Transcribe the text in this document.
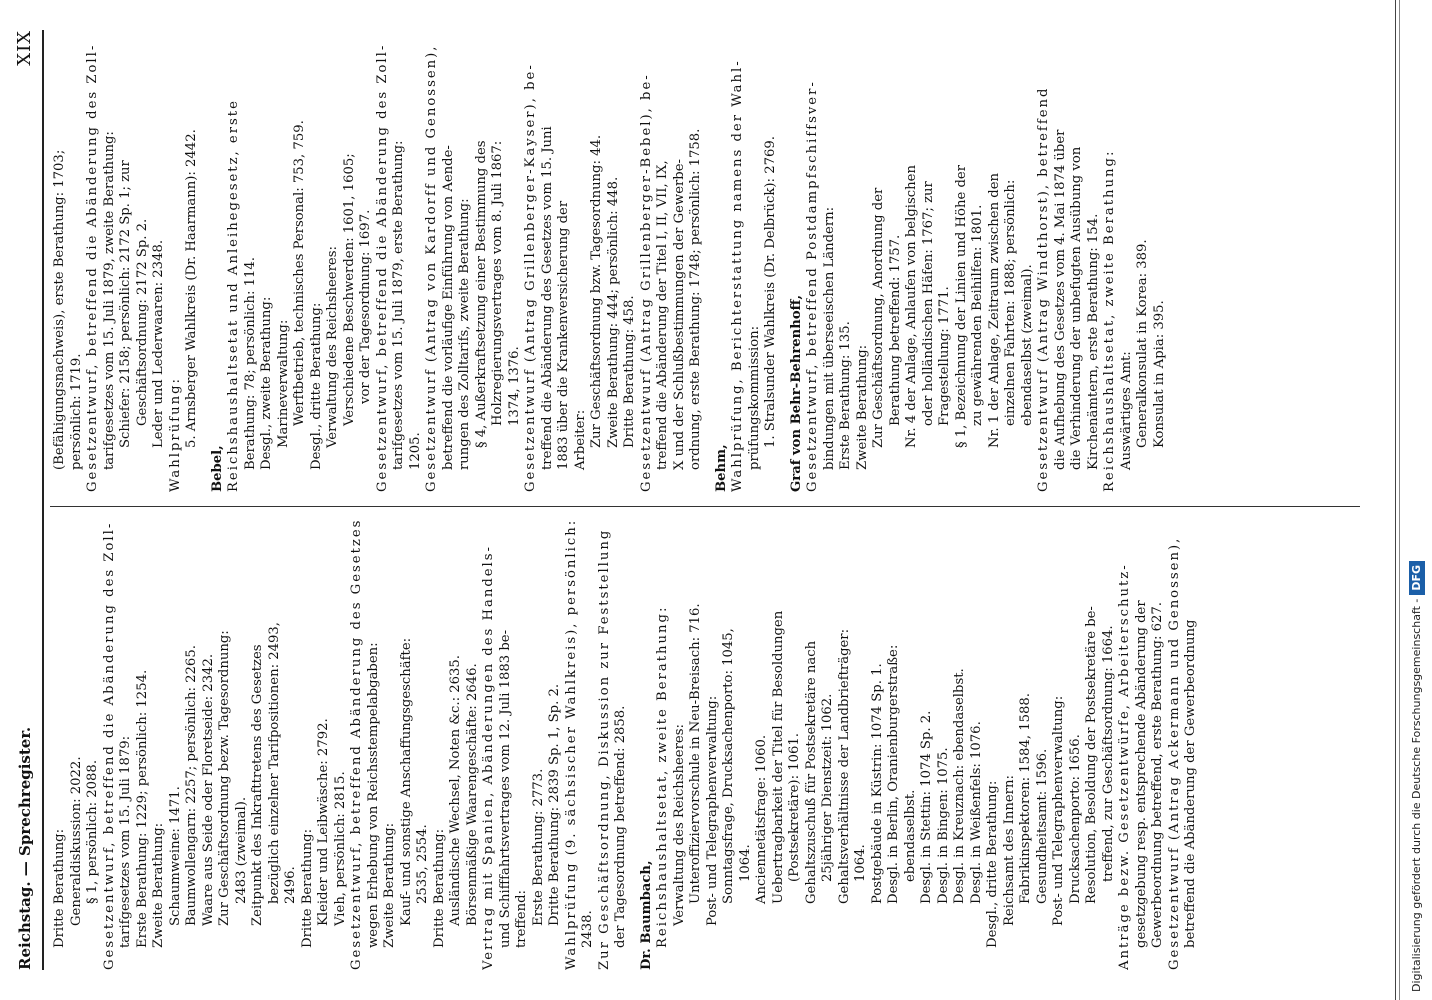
Reichstag. — Sprechregister.
XIX
Dritte Berathung: Generaldiskussion: 2022. § 1, persönlich: 2088. Gesetzentwurf, betreffend die Abänderung des Zoll- tarifgesetzes vom 15. Juli 1879: Erste Berathung: 1229; persönlich: 1254. Zweite Berathung: Schaumweine: 1471. Baumwollengarn: 2257; persönlich: 2265. Waare aus Seide oder Floretseide: 2342. Zur Geschäftsordnung bezw. Tagesordnung: 2483 (zweimal). Zeitpunkt des Inkrafttretens des Gesetzes bezüglich einzelner Tarifpositionen: 2493, 2496. Dritte Berathung: Kleider und Leibwäsche: 2792. Vieh, persönlich: 2815. Gesetzentwurf, betreffend Abänderung des Gesetzes wegen Erhebung von Reichsstempelabgaben: Zweite Berathung: Kauf- und sonstige Anschaffungsgeschäfte: 2535, 2554. Dritte Berathung: Ausländische Wechsel, Noten &c.: 2635. Börsenmäßige Waarengeschäfte: 2646. Vertrag mit Spanien, Abänderungen des Handels- und Schifffahrtsvertrages vom 12. Juli 1883 be- treffend: Erste Berathung: 2773. Dritte Berathung: 2839 Sp. 1, Sp. 2. Wahlprüfung (9. sächsischer Wahlkreis), persönlich: 2438. Zur Geschäftsordnung, Diskussion zur Feststellung der Tagesordnung betreffend: 2858. Dr. Baumbach, Reichshaushaltsetat, zweite Berathung: Verwaltung des Reichsheeres: Unteroffiziervorschule in Neu-Breisach: 716. Post- und Telegraphenverwaltung: Sonntagsfrage, Drucksachenporto: 1045, 1064. Anciennetätsfrage: 1060. Uebertragbarkeit der Titel für Besoldungen (Postsekretäre): 1061. Gehaltszuschuß für Postsekretäre nach 25jähriger Dienstzeit: 1062. Gehaltsverhältnisse der Landbriefträger: 1064. Postgebäude in Küstrin: 1074 Sp. 1. Desgl. in Berlin, Oranienburgerstraße: ebendaselbst. Desgl. in Stettin: 1074 Sp. 2. Desgl. in Bingen: 1075. Desgl. in Kreuznach: ebendaselbst. Desgl. in Weißenfels: 1076. Desgl., dritte Berathung: Reichsamt des Innern: Fabrikinspektoren: 1584, 1588. Gesundheitsamt: 1596. Post- und Telegraphenverwaltung: Drucksachenporto: 1656. Resolution, Besoldung der Postsekretäre be- treffend, zur Geschäftsordnung: 1664. Anträge bezw. Gesetzentwürfe, Arbeiterschutz- gesetzgebung resp. entsprechende Abänderung der Gewerbeordnung betreffend, erste Berathung: 627. Gesetzentwurf (Antrag Ackermann und Genossen), betreffend die Abänderung der Gewerbeordnung
(Befähigungsnachweis), erste Berathung: 1703; persönlich: 1719. Gesetzentwurf, betreffend die Abänderung des Zoll- tarifgesetzes vom 15. Juli 1879, zweite Berathung: Schiefer: 2158; persönlich: 2172 Sp. 1; zur Geschäftsordnung: 2172 Sp. 2. Leder und Lederwaaren: 2348. Wahlprüfung: 5. Arnsberger Wahlkreis (Dr. Haarmann): 2442.
Bebel, Reichshaushaltsetat und Anleihegesetz, erste Berathung: 78; persönlich: 114. Desgl., zweite Berathung: Marineverwaltung: Werftbetrieb, technisches Personal: 753, 759. Desgl., dritte Berathung: Verwaltung des Reichsheeres: Verschiedene Beschwerden: 1601, 1605; vor der Tagesordnung: 1697. Gesetzentwurf, betreffend die Abänderung des Zoll- tarifgesetzes vom 15. Juli 1879, erste Berathung: 1205. Gesetzentwurf (Antrag von Kardorff und Genossen), betreffend die vorläufige Einführung von Aende- rungen des Zolltarifs, zweite Berathung: § 4, Außerkraftsetzung einer Bestimmung des Holzregierungsvertrages vom 8. Juli 1867: 1374, 1376. Gesetzentwurf (Antrag Grillenberger-Kayser), be- treffend die Abänderung des Gesetzes vom 15. Juni 1883 über die Krankenversicherung der Arbeiter: Zur Geschäftsordnung bzw. Tagesordnung: 44. Zweite Berathung: 444; persönlich: 448. Dritte Berathung: 458. Gesetzentwurf (Antrag Grillenberger-Bebel), be- treffend die Abänderung der Titel I, II, VII, IX, X und der Schlußbestimmungen der Gewerbe- ordnung, erste Berathung: 1748; persönlich: 1758. Behm, Wahlprüfung, Berichterstattung namens der Wahl- prüfungskommission: 1. Stralsunder Wahlkreis (Dr. Delbrück): 2769. Graf von Behr-Behrenhoff, Gesetzentwurf, betreffend Postdampfschiffsver- bindungen mit überseeischen Ländern: Erste Berathung: 135. Zweite Berathung: Zur Geschäftsordnung, Anordnung der Berathung betreffend: 1757. Nr. 4 der Anlage, Anlaufen von belgischen oder holländischen Häfen: 1767; zur Fragestellung: 1771. § 1, Bezeichnung der Linien und Höhe der zu gewährenden Beihilfen: 1801. Nr. 1 der Anlage, Zeitraum zwischen den einzelnen Fahrten: 1888; persönlich: ebendaselbst (zweimal). Gesetzentwurf (Antrag Windthorst), betreffend die Aufhebung des Gesetzes vom 4. Mai 1874 über die Verhinderung der unbefugten Ausübung von Kirchenämtern, erste Berathung: 154. Reichshaushaltsetat, zweite Berathung: Auswärtiges Amt: Generalkonsulat in Korea: 389. Konsulat in Apia: 395.
Digitalisierung gefördert durch die Deutsche Forschungsgemeinschaft -DFG
